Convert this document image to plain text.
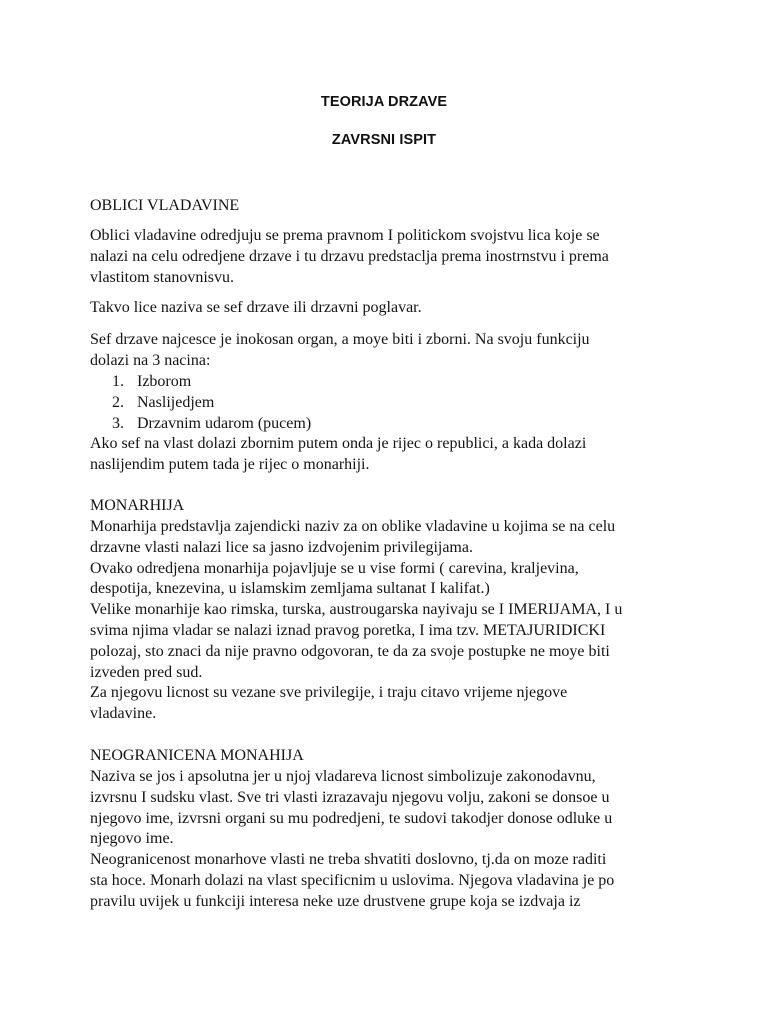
TEORIJA DRZAVE
ZAVRSNI ISPIT
OBLICI VLADAVINE
Oblici vladavine odredjuju se prema pravnom I politickom svojstvu lica koje se
nalazi na celu odredjene drzave i tu drzavu predstaclja prema inostrnstvu i prema
vlastitom stanovnisvu.
Takvo lice naziva se sef drzave ili drzavni poglavar.
Sef drzave najcesce je inokosan organ, a moye biti i zborni. Na svoju funkciju
dolazi na 3 nacina:
1. Izborom
2. Naslijedjem
3. Drzavnim udarom (pucem)
Ako sef na vlast dolazi zbornim putem onda je rijec o republici, a kada dolazi
naslijendim putem tada je rijec o monarhiji.
MONARHIJA
Monarhija predstavlja zajendicki naziv za on oblike vladavine u kojima se na celu
drzavne vlasti nalazi lice sa jasno izdvojenim privilegijama.
Ovako odredjena monarhija pojavljuje se u vise formi ( carevina, kraljevina,
despotija, knezevina, u islamskim zemljama sultanat I kalifat.)
Velike monarhije kao rimska, turska, austrougarska nayivaju se I IMERIJAMA, I u
svima njima vladar se nalazi iznad pravog poretka, I ima tzv. METAJURIDICKI
polozaj, sto znaci da nije pravno odgovoran, te da za svoje postupke ne moye biti
izveden pred sud.
Za njegovu licnost su vezane sve privilegije, i traju citavo vrijeme njegove
vladavine.
NEOGRANICENA MONAHIJA
Naziva se jos i apsolutna jer u njoj vladareva licnost simbolizuje zakonodavnu,
izvrsnu I sudsku vlast. Sve tri vlasti izrazavaju njegovu volju, zakoni se donsoe u
njegovo ime, izvrsni organi su mu podredjeni, te sudovi takodjer donose odluke u
njegovo ime.
Neogranicenost monarhove vlasti ne treba shvatiti doslovno, tj.da on moze raditi
sta hoce. Monarh dolazi na vlast specificnim u uslovima. Njegova vladavina je po
pravilu uvijek u funkciji interesa neke uze drustvene grupe koja se izdvaja iz
